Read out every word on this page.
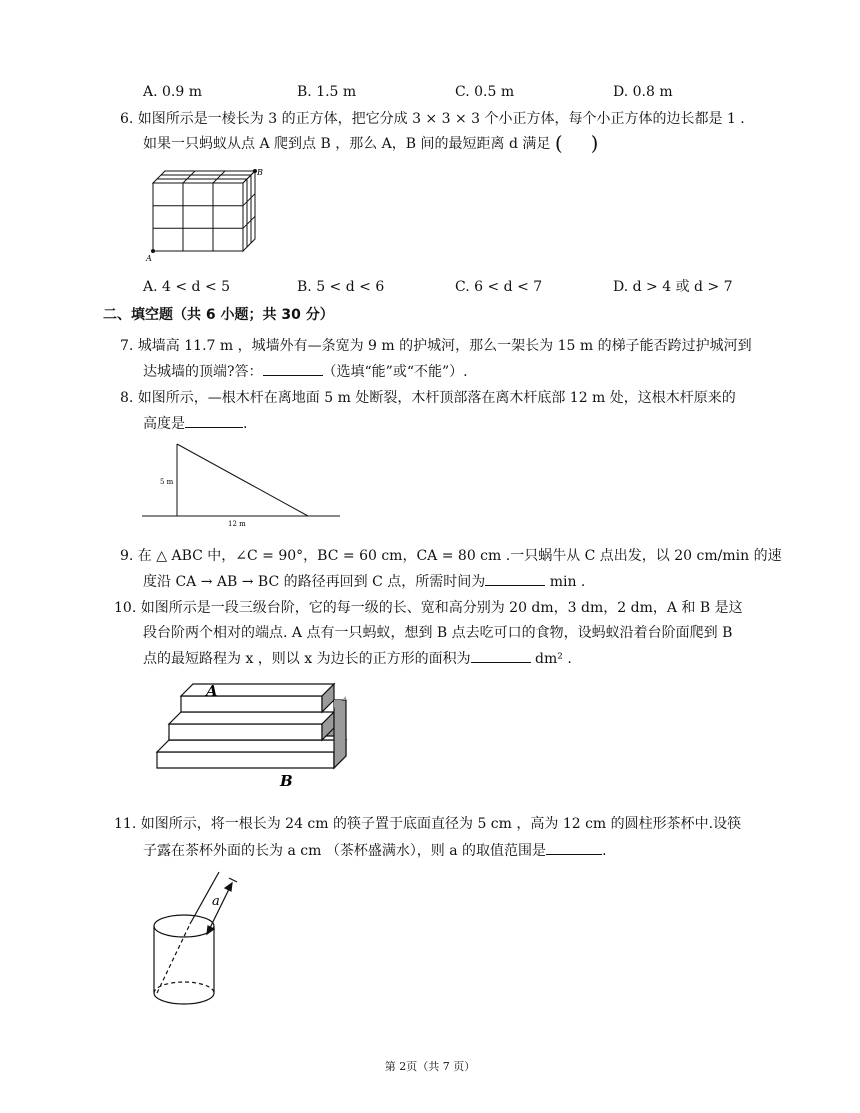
A. 0.9 m	B. 1.5 m	C. 0.5 m	D. 0.8 m
6. 如图所示是一棱长为 3 的正方体，把它分成 3 × 3 × 3 个小正方体，每个小正方体的边长都是 1 .
如果一只蚂蚁从点 A 爬到点 B ，那么 A，B 间的最短距离 d 满足 ( )
A
B
A. 4 < d < 5	B. 5 < d < 6	C. 6 < d < 7	D. d > 4 或 d > 7
二、填空题（共 6 小题；共 30 分）
7. 城墙高 11.7 m ，城墙外有—条宽为 9 m 的护城河，那么一架长为 15 m 的梯子能否跨过护城河到
达城墙的顶端?答：	（选填“能”或“不能”）.
8. 如图所示，—根木杆在离地面 5 m 处断裂，木杆顶部落在离木杆底部 12 m 处，这根木杆原来的
高度是	.
5 m
12 m
9. 在 △ ABC 中，∠C = 90°，BC = 60 cm，CA = 80 cm .一只蜗牛从 C 点出发，以 20 cm/min 的速
度沿 CA → AB → BC 的路径再回到 C 点，所需时间为	min .
10. 如图所示是一段三级台阶，它的每一级的长、宽和高分别为 20 dm，3 dm，2 dm，A 和 B 是这
段台阶两个相对的端点. A 点有一只蚂蚁，想到 B 点去吃可口的食物，设蚂蚁沿着台阶面爬到 B
点的最短路程为 x ，则以 x 为边长的正方形的面积为	dm² .
A
B
11. 如图所示，将一根长为 24 cm 的筷子置于底面直径为 5 cm ，高为 12 cm 的圆柱形茶杯中.设筷
子露在茶杯外面的长为 a cm （茶杯盛满水），则 a 的取值范围是	.
a
第 2页（共 7 页）
